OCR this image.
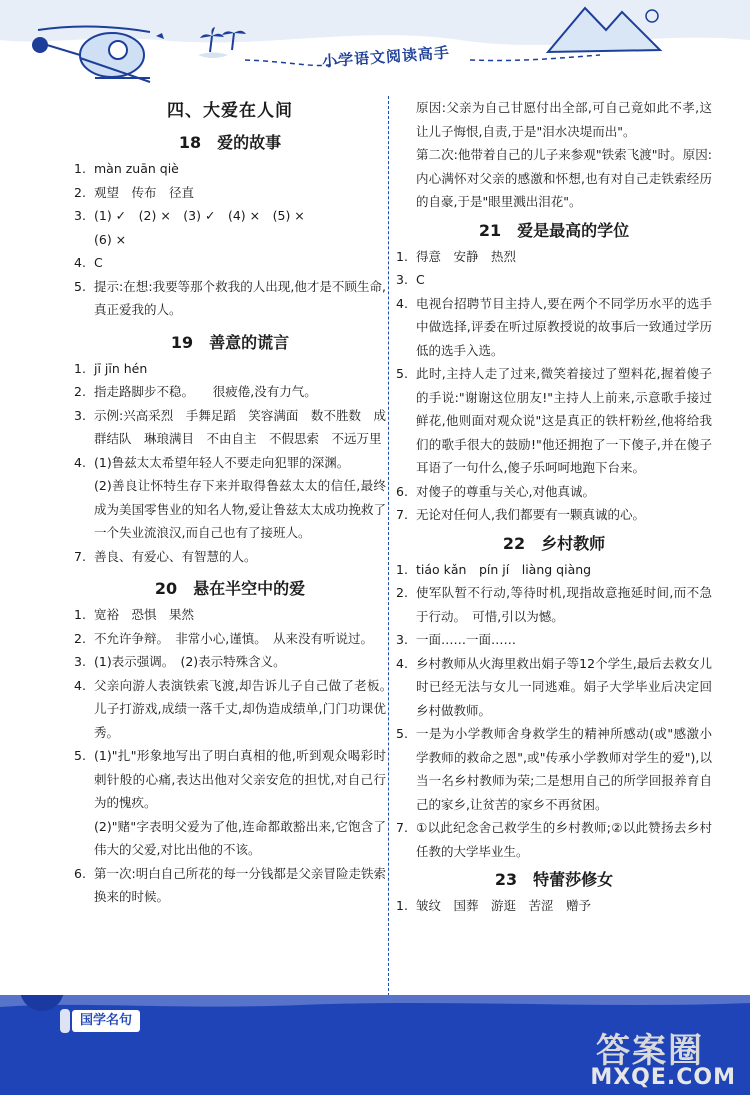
小学语文阅读高手
四、大爱在人间
18 爱的故事
1. màn zuān qiè
2. 观望　传布　径直
3. (1) ✓　(2) ×　(3) ✓　(4) ×　(5) ×
(6) ×
4. C
5. 提示:在想:我要等那个救我的人出现,他才是不顾生命,真正爱我的人。
19 善意的谎言
1. jī jīn hén
2. 指走路脚步不稳。　　很疲倦,没有力气。
3. 示例:兴高采烈　手舞足蹈　笑容满面　数不胜数　成群结队　琳琅满目　不由自主　不假思索　不远万里
4. (1)鲁兹太太希望年轻人不要走向犯罪的深渊。
(2)善良让怀特生存下来并取得鲁兹太太的信任,最终成为美国零售业的知名人物,爱让鲁兹太太成功挽救了一个失业流浪汉,而自己也有了接班人。
7. 善良、有爱心、有智慧的人。
20 悬在半空中的爱
1. 宽裕　恐惧　果然
2. 不允许争辩。　非常小心,谨慎。　从来没有听说过。
3. (1)表示强调。　(2)表示特殊含义。
4. 父亲向游人表演铁索飞渡,却告诉儿子自己做了老板。　儿子打游戏,成绩一落千丈,却伪造成绩单,门门功课优秀。
5. (1)"扎"形象地写出了明白真相的他,听到观众喝彩时刺针般的心痛,表达出他对父亲安危的担忧,对自己行为的愧疚。
(2)"赌"字表明父爱为了他,连命都敢豁出来,它饱含了伟大的父爱,对比出他的不该。
6. 第一次:明白自己所花的每一分钱都是父亲冒险走铁索换来的时候。
原因:父亲为自己甘愿付出全部,可自己竟如此不孝,这让儿子悔恨,自责,于是"泪水决堤而出"。
第二次:他带着自己的儿子来参观"铁索飞渡"时。原因:内心满怀对父亲的感激和怀想,也有对自己走铁索经历的自豪,于是"眼里溅出泪花"。
21 爱是最高的学位
1. 得意　安静　热烈
3. C
4. 电视台招聘节目主持人,要在两个不同学历水平的选手中做选择,评委在听过原教授说的故事后一致通过学历低的选手入选。
5. 此时,主持人走了过来,微笑着接过了塑料花,握着傻子的手说:"谢谢这位朋友!"主持人上前来,示意歌手接过鲜花,他则面对观众说"这是真正的铁杆粉丝,他将给我们的歌手很大的鼓励!"他还拥抱了一下傻子,并在傻子耳语了一句什么,傻子乐呵呵地跑下台来。
6. 对傻子的尊重与关心,对他真诚。
7. 无论对任何人,我们都要有一颗真诚的心。
22 乡村教师
1. tiáo kǎn　pín jí　liàng qiàng
2. 使军队暂不行动,等待时机,现指故意拖延时间,而不急于行动。　可惜,引以为憾。
3. 一面……一面……
4. 乡村教师从火海里救出娟子等12个学生,最后去救女儿时已经无法与女儿一同逃难。娟子大学毕业后决定回乡村做教师。
5. 一是为小学教师舍身救学生的精神所感动(或"感激小学教师的救命之恩",或"传承小学教师对学生的爱"),以当一名乡村教师为荣;二是想用自己的所学回报养育自己的家乡,让贫苦的家乡不再贫困。
7. ①以此纪念舍己救学生的乡村教师;②以此赞扬去乡村任教的大学毕业生。
23 特蕾莎修女
1. 皱纹　国葬　游逛　苦涩　赠予
国学名句
答案圈
MXQE.COM
